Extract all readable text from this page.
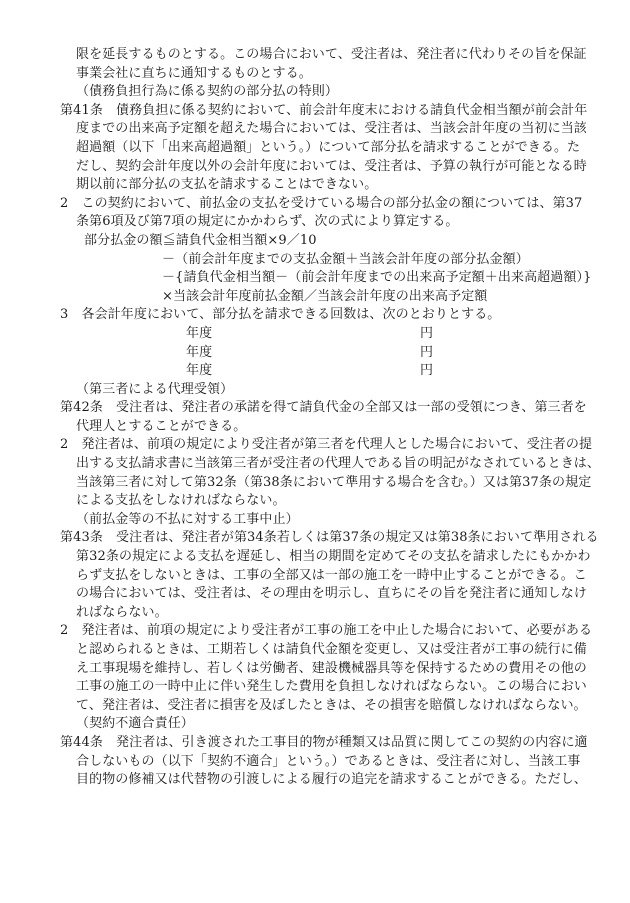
限を延長するものとする。この場合において、受注者は、発注者に代わりその旨を保証
事業会社に直ちに通知するものとする。
（債務負担行為に係る契約の部分払の特則）
第41条　債務負担に係る契約において、前会計年度末における請負代金相当額が前会計年
度までの出来高予定額を超えた場合においては、受注者は、当該会計年度の当初に当該
超過額（以下「出来高超過額」という。）について部分払を請求することができる。た
だし、契約会計年度以外の会計年度においては、受注者は、予算の執行が可能となる時
期以前に部分払の支払を請求することはできない。
2　この契約において、前払金の支払を受けている場合の部分払金の額については、第37
条第6項及び第7項の規定にかかわらず、次の式により算定する。
部分払金の額≦請負代金相当額×9／10
－（前会計年度までの支払金額＋当該会計年度の部分払金額）
－{請負代金相当額－（前会計年度までの出来高予定額＋出来高超過額）}
×当該会計年度前払金額／当該会計年度の出来高予定額
3　各会計年度において、部分払を請求できる回数は、次のとおりとする。
年度	円
年度	円
年度	円
（第三者による代理受領）
第42条　受注者は、発注者の承諾を得て請負代金の全部又は一部の受領につき、第三者を
代理人とすることができる。
2　発注者は、前項の規定により受注者が第三者を代理人とした場合において、受注者の提
出する支払請求書に当該第三者が受注者の代理人である旨の明記がなされているときは、
当該第三者に対して第32条（第38条において準用する場合を含む。）又は第37条の規定
による支払をしなければならない。
（前払金等の不払に対する工事中止）
第43条　受注者は、発注者が第34条若しくは第37条の規定又は第38条において準用される
第32条の規定による支払を遅延し、相当の期間を定めてその支払を請求したにもかかわ
らず支払をしないときは、工事の全部又は一部の施工を一時中止することができる。こ
の場合においては、受注者は、その理由を明示し、直ちにその旨を発注者に通知しなけ
ればならない。
2　発注者は、前項の規定により受注者が工事の施工を中止した場合において、必要がある
と認められるときは、工期若しくは請負代金額を変更し、又は受注者が工事の続行に備
え工事現場を維持し、若しくは労働者、建設機械器具等を保持するための費用その他の
工事の施工の一時中止に伴い発生した費用を負担しなければならない。この場合におい
て、発注者は、受注者に損害を及ぼしたときは、その損害を賠償しなければならない。
（契約不適合責任）
第44条　発注者は、引き渡された工事目的物が種類又は品質に関してこの契約の内容に適
合しないもの（以下「契約不適合」という。）であるときは、受注者に対し、当該工事
目的物の修補又は代替物の引渡しによる履行の追完を請求することができる。ただし、
